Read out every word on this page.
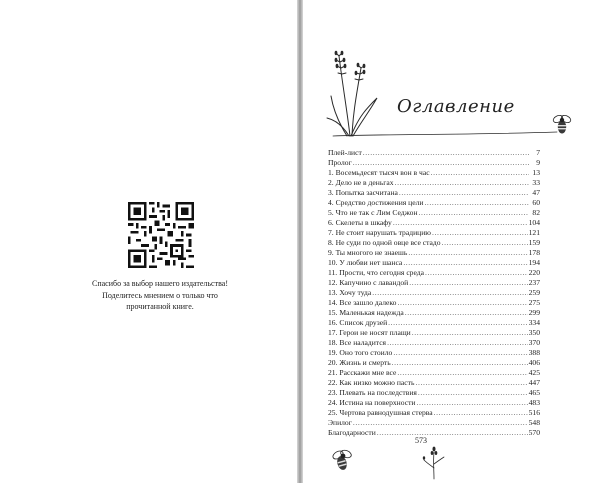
Спасибо за выбор нашего издательства!
Поделитесь мнением о только что
прочитанной книге.
Оглавление
Плей-лист .....	7
Пролог .....	9
1. Восемьдесят тысяч вон в час .....	13
2. Дело не в деньгах .....	33
3. Попытка засчитана .....	47
4. Средство достижения цели .....	60
5. Что не так с Лим Седжон .....	82
6. Скелеты в шкафу .....	104
7. Не стоит нарушать традицию .....	121
8. Не суди по одной овце все стадо .....	159
9. Ты многого не знаешь .....	178
10. У любви нет шанса .....	194
11. Прости, что сегодня среда .....	220
12. Капучино с лавандой .....	237
13. Хочу туда .....	259
14. Все зашло далеко .....	275
15. Маленькая надежда .....	299
16. Список друзей .....	334
17. Герои не носят плащи .....	350
18. Все наладится .....	370
19. Оно того стоило .....	388
20. Жизнь и смерть .....	406
21. Расскажи мне все .....	425
22. Как низко можно пасть .....	447
23. Плевать на последствия .....	465
24. Истина на поверхности .....	483
25. Чертова равнодушная стерва .....	516
Эпилог .....	548
Благодарности .....	570
573
